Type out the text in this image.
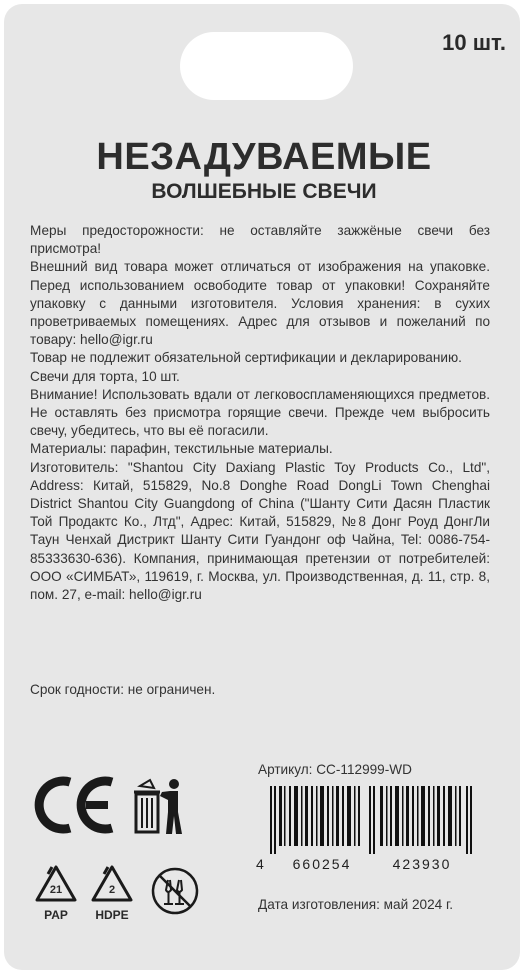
10 шт.
НЕЗАДУВАЕМЫЕ
ВОЛШЕБНЫЕ СВЕЧИ

Меры предосторожности: не оставляйте зажжёные свечи без присмотра!

Внешний вид товара может отличаться от изображения на упаковке. Перед использованием освободите товар от упаковки! Сохраняйте упаковку с данными изготовителя. Условия хранения: в сухих проветриваемых помещениях. Адрес для отзывов и пожеланий по товару: hello@igr.ru

Товар не подлежит обязательной сертификации и декларированию.

Свечи для торта, 10 шт.

Внимание! Использовать вдали от легковоспламеняющихся предметов. Не оставлять без присмотра горящие свечи. Прежде чем выбросить свечу, убедитесь, что вы её погасили.

Материалы: парафин, текстильные материалы.

Изготовитель: "Shantou City Daxiang Plastic Toy Products Co., Ltd", Address: Китай, 515829, No.8 Donghe Road DongLi Town Chenghai District Shantou City Guangdong of China ("Шанту Сити Дасян Пластик Той Продактс Ко., Лтд", Адрес: Китай, 515829, №8 Донг Роуд ДонгЛи Таун Ченхай Дистрикт Шанту Сити Гуандонг оф Чайна, Tel: 0086-754-85333630-636). Компания, принимающая претензии от потребителей: ООО «СИМБАТ», 119619, г. Москва, ул. Производственная, д. 11, стр. 8, пом. 27, e-mail: hello@igr.ru

Срок годности: не ограничен.
21
PAP
2
HDPE
Артикул: СС-112999-WD
4	660254	423930
Дата изготовления: май 2024 г.
